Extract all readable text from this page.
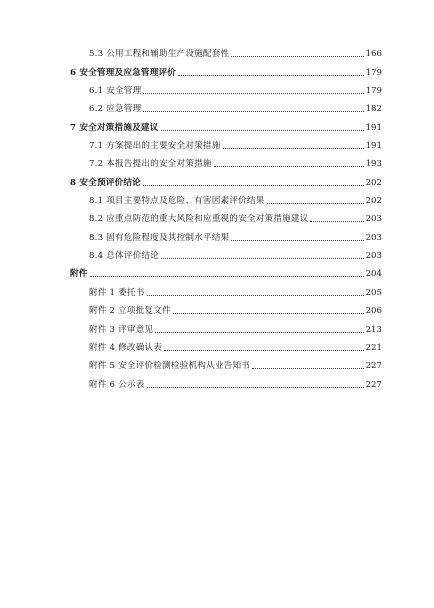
5.3 公用工程和辅助生产设施配套性	166
6 安全管理及应急管理评价	179
6.1 安全管理	179
6.2 应急管理	182
7 安全对策措施及建议	191
7.1 方案提出的主要安全对策措施	191
7.2 本报告提出的安全对策措施	193
8 安全预评价结论	202
8.1 项目主要特点及危险、有害因素评价结果	202
8.2 应重点防范的重大风险和应重视的安全对策措施建议	203
8.3 固有危险程度及其控制水平结果	203
8.4 总体评价结论	203
附件	204
附件 1 委托书	205
附件 2 立项批复文件	206
附件 3 评审意见	213
附件 4 修改确认表	221
附件 5 安全评价检测检验机构从业告知书	227
附件 6 公示表	227
